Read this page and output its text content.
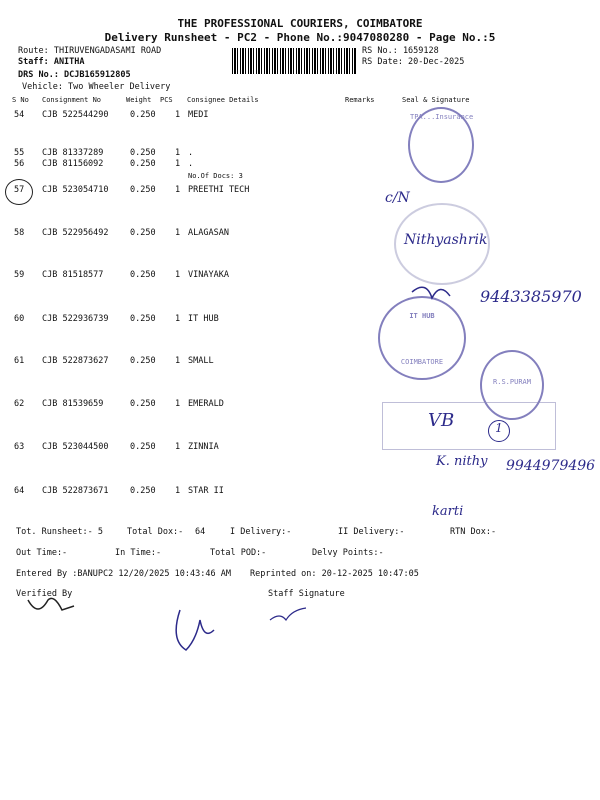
THE PROFESSIONAL COURIERS, COIMBATORE
Delivery Runsheet - PC2 - Phone No.:9047080280 - Page No.:5
Route: THIRUVENGADASAMI ROAD
Staff: ANITHA
DRS No.: DCJB165912805
Vehicle: Two Wheeler Delivery
RS No.: 1659128
RS Date: 20-Dec-2025
S No Consignment No	Weight PCS Consignee Details	Remarks	Seal & Signature
54 CJB 522544290	0.250 1 MEDI
55 CJB 81337289	0.250 1 .
56 CJB 81156092	0.250 1 .
No.Of Docs: 3
57 CJB 523054710	0.250 1 PREETHI TECH
58 CJB 522956492	0.250 1 ALAGASAN
59 CJB 81518577	0.250 1 VINAYAKA
60 CJB 522936739	0.250 1 IT HUB
61 CJB 522873627	0.250 1 SMALL
62 CJB 81539659	0.250 1 EMERALD
63 CJB 523044500	0.250 1 ZINNIA
64 CJB 522873671	0.250 1 STAR II
Tot. Runsheet:- 5	Total Dox:- 64	I Delivery:-	II Delivery:-	RTN Dox:-
Out Time:-	In Time:-	Total POD:-	Delvy Points:-
Entered By :BANUPC2 12/20/2025 10:43:46 AM Reprinted on: 20-12-2025 10:47:05
Verified By	Staff Signature
TPA...Insurance
IT HUB
COIMBATORE
R.S.PURAM
c/N
Nithyashrik
9443385970
VB	1
K. nithy 9944979496
karti
